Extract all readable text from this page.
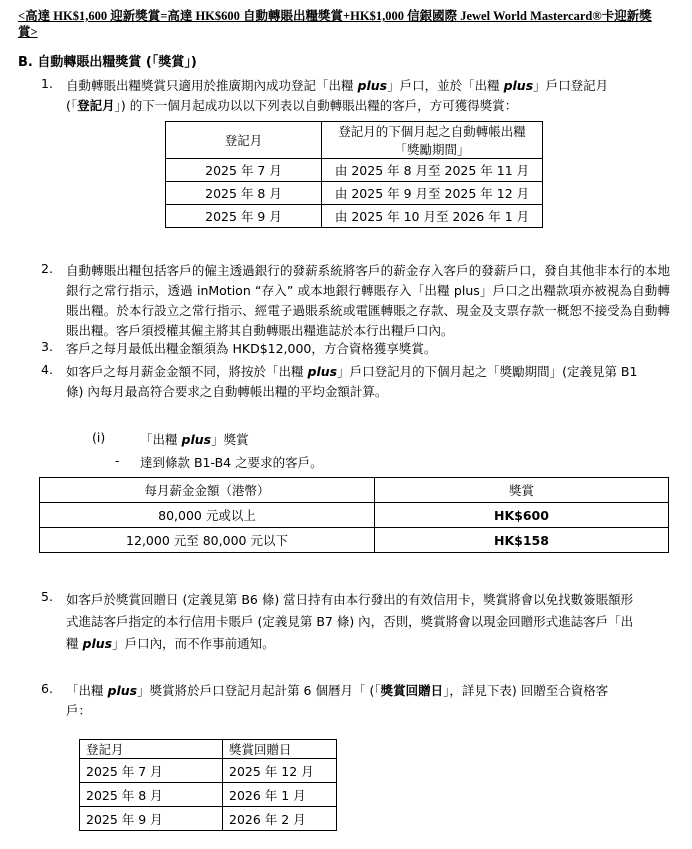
<高達 HK$1,600 迎新獎賞=高達 HK$600 自動轉賬出糧獎賞+HK$1,000 信銀國際 Jewel World Mastercard®卡迎新獎
賞>
B. 自動轉賬出糧獎賞 (「獎賞」)
1.	自動轉賬出糧獎賞只適用於推廣期內成功登記「出糧 plus」戶口，並於「出糧 plus」戶口登記月
(「登記月」) 的下一個月起成功以以下列表以自動轉賬出糧的客戶，方可獲得獎賞：
登記月	登記月的下個月起之自動轉帳出糧
「獎勵期間」

2025 年 7 月	由 2025 年 8 月至 2025 年 11 月
2025 年 8 月	由 2025 年 9 月至 2025 年 12 月
2025 年 9 月	由 2025 年 10 月至 2026 年 1 月
2.	自動轉賬出糧包括客戶的僱主透過銀行的發薪系統將客戶的薪金存入客戶的發薪戶口，發自其他非本行的本地銀行之常行指示，透過 inMotion “存入” 或本地銀行轉賬存入「出糧 plus」戶口之出糧款項亦被視為自動轉賬出糧。於本行設立之常行指示、經電子過賬系統或電匯轉賬之存款、現金及支票存款一概恕不接受為自動轉賬出糧。客戶須授權其僱主將其自動轉賬出糧進誌於本行出糧戶口內。
3.	客戶之每月最低出糧金額須為 HKD$12,000，方合資格獲享獎賞。
4.	如客戶之每月薪金金額不同，將按於「出糧 plus」戶口登記月的下個月起之「獎勵期間」(定義見第 B1
條) 內每月最高符合要求之自動轉帳出糧的平均金額計算。
(i)	「出糧 plus」獎賞
- 達到條款 B1-B4 之要求的客戶。
每月薪金金額（港幣）	獎賞
80,000 元或以上	HK$600
12,000 元至 80,000 元以下	HK$158
5.	如客戶於獎賞回贈日 (定義見第 B6 條) 當日持有由本行發出的有效信用卡，獎賞將會以免找數簽賬額形
式進誌客戶指定的本行信用卡賬戶 (定義見第 B7 條) 內，否則，獎賞將會以現金回贈形式進誌客戶「出
糧 plus」戶口內，而不作事前通知。
6.	「出糧 plus」獎賞將於戶口登記月起計第 6 個曆月「 (「獎賞回贈日」，詳見下表) 回贈至合資格客
戶：
登記月	獎賞回贈日
2025 年 7 月	2025 年 12 月
2025 年 8 月	2026 年 1 月
2025 年 9 月	2026 年 2 月
